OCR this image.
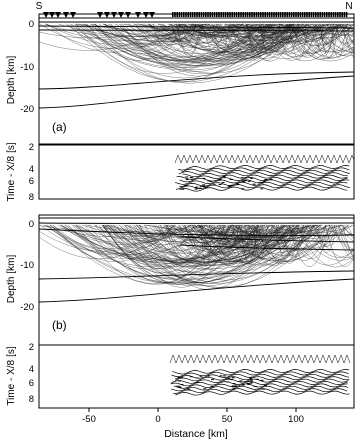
S	N
(a)
(b)
0
-10
-20
2
4
6
8
0
-10
-20
2
4
6
8
Depth[km]
Time - X/8[s]
Depth[km]
Time - X/8[s]
-50	0	50	100
Distance [km]
